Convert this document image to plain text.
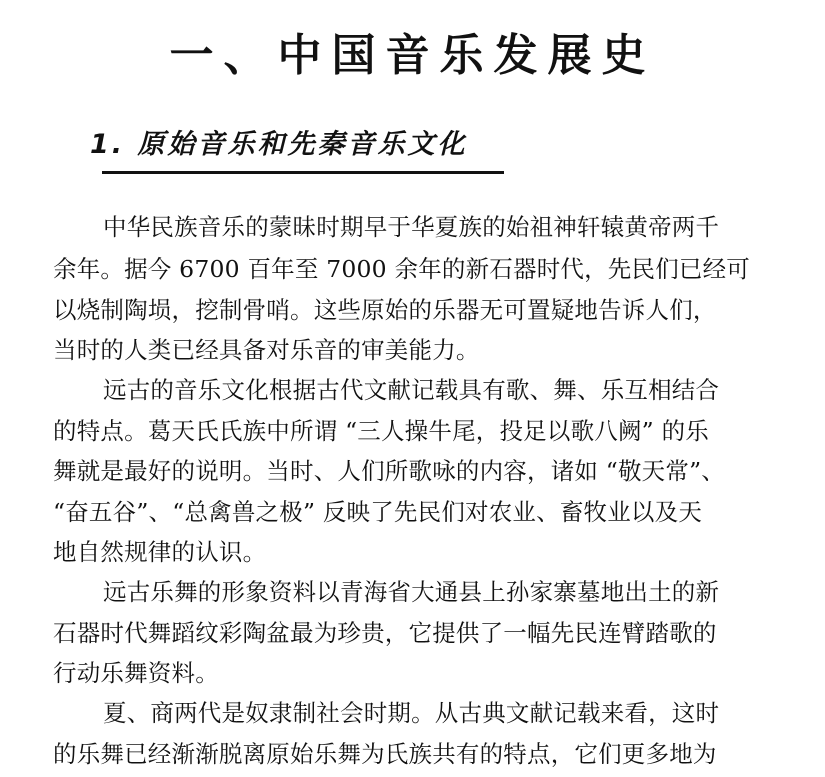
一、中国音乐发展史
1. 原始音乐和先秦音乐文化
中华民族音乐的蒙昧时期早于华夏族的始祖神轩辕黄帝两千
余年。据今 6700 百年至 7000 余年的新石器时代，先民们已经可
以烧制陶埙，挖制骨哨。这些原始的乐器无可置疑地告诉人们，
当时的人类已经具备对乐音的审美能力。
远古的音乐文化根据古代文献记载具有歌、舞、乐互相结合
的特点。葛天氏氏族中所谓 “三人操牛尾，投足以歌八阙” 的乐
舞就是最好的说明。当时、人们所歌咏的内容，诸如 “敬天常”、
“奋五谷”、“总禽兽之极” 反映了先民们对农业、畜牧业以及天
地自然规律的认识。
远古乐舞的形象资料以青海省大通县上孙家寨墓地出土的新
石器时代舞蹈纹彩陶盆最为珍贵，它提供了一幅先民连臂踏歌的
行动乐舞资料。
夏、商两代是奴隶制社会时期。从古典文献记载来看，这时
的乐舞已经渐渐脱离原始乐舞为氏族共有的特点，它们更多地为
